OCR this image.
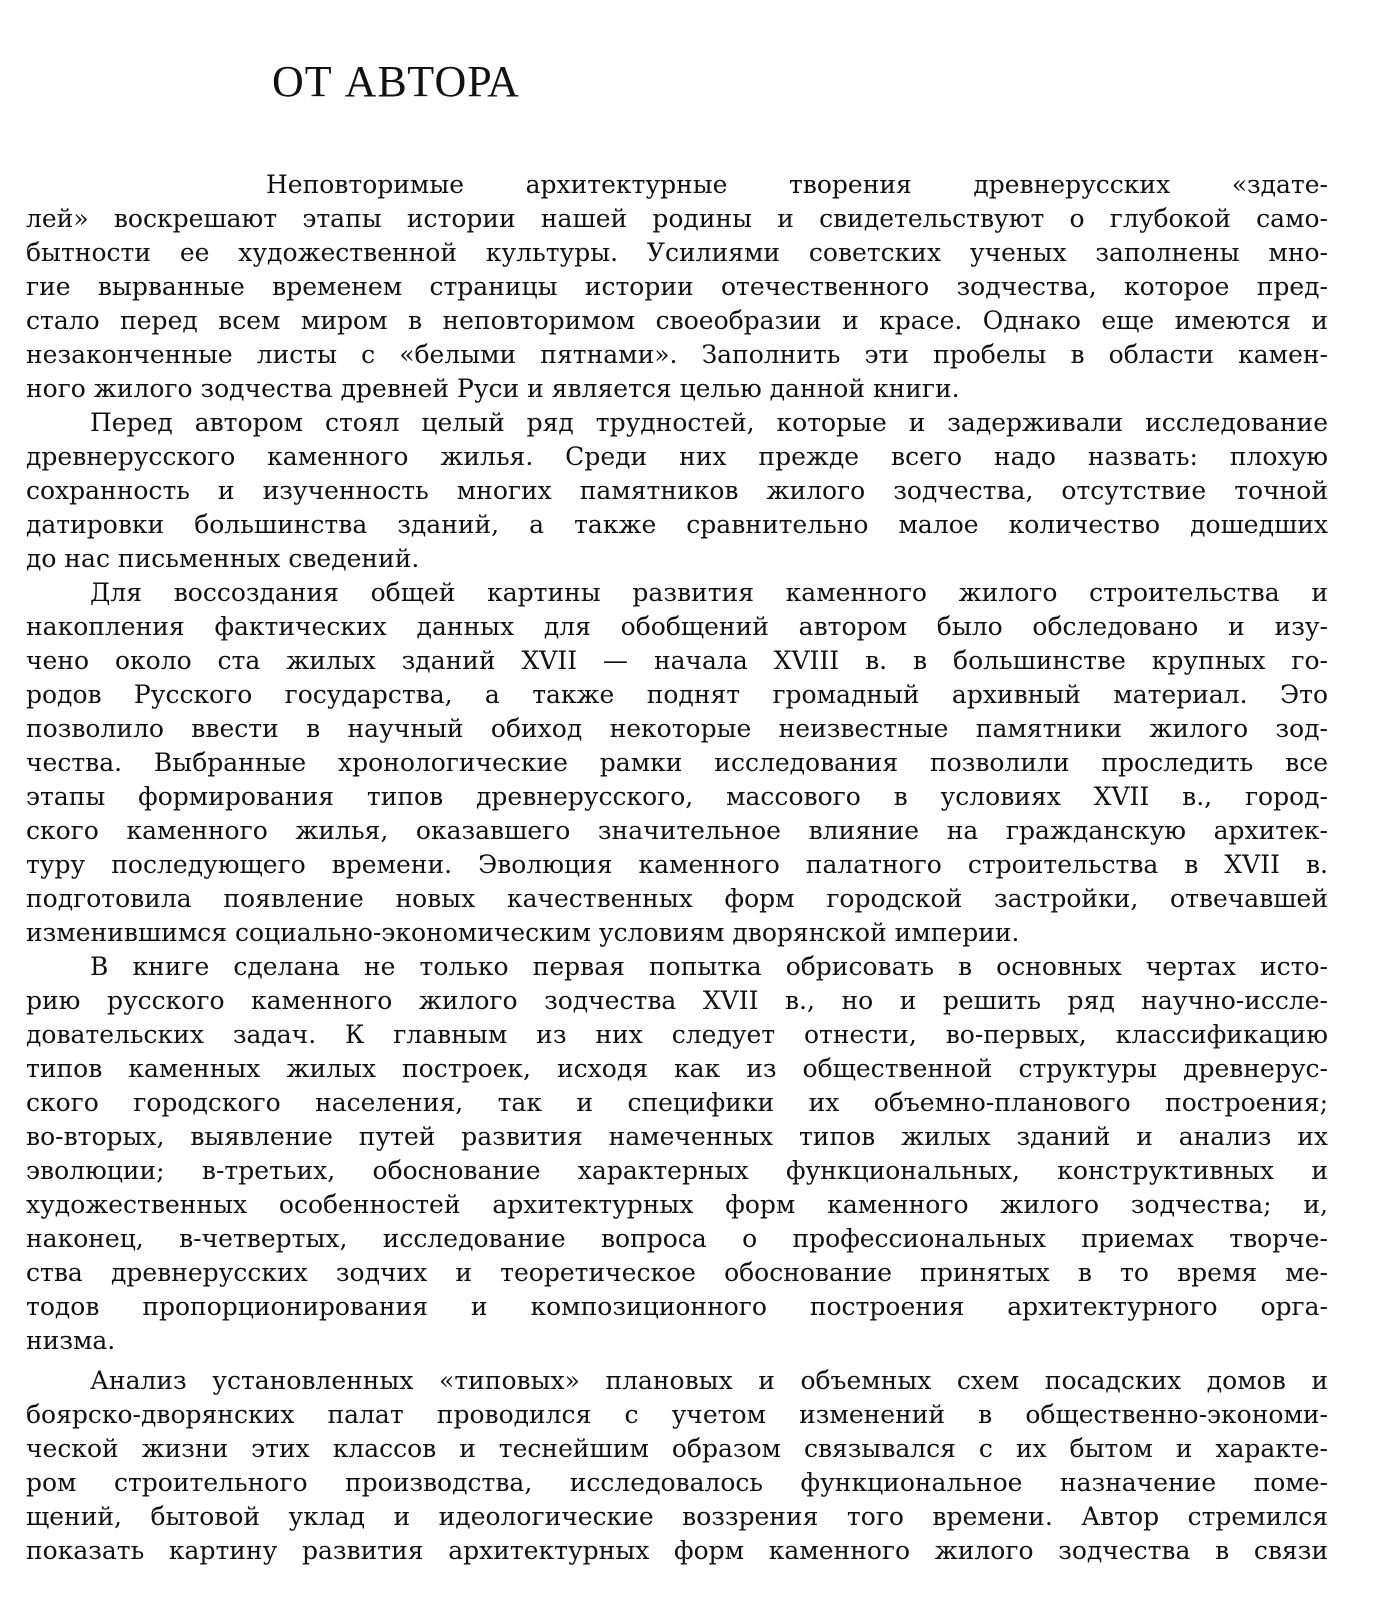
ОТ АВТОРА
Неповторимые архитектурные творения древнерусских «здате-
лей» воскрешают этапы истории нашей родины и свидетельствуют о глубокой само-
бытности ее художественной культуры. Усилиями советских ученых заполнены мно-
гие вырванные временем страницы истории отечественного зодчества, которое пред-
стало перед всем миром в неповторимом своеобразии и красе. Однако еще имеются и
незаконченные листы с «белыми пятнами». Заполнить эти пробелы в области камен-
ного жилого зодчества древней Руси и является целью данной книги.
Перед автором стоял целый ряд трудностей, которые и задерживали исследование
древнерусского каменного жилья. Среди них прежде всего надо назвать: плохую
сохранность и изученность многих памятников жилого зодчества, отсутствие точной
датировки большинства зданий, а также сравнительно малое количество дошедших
до нас письменных сведений.
Для воссоздания общей картины развития каменного жилого строительства и
накопления фактических данных для обобщений автором было обследовано и изу-
чено около ста жилых зданий XVII — начала XVIII в. в большинстве крупных го-
родов Русского государства, а также поднят громадный архивный материал. Это
позволило ввести в научный обиход некоторые неизвестные памятники жилого зод-
чества. Выбранные хронологические рамки исследования позволили проследить все
этапы формирования типов древнерусского, массового в условиях XVII в., город-
ского каменного жилья, оказавшего значительное влияние на гражданскую архитек-
туру последующего времени. Эволюция каменного палатного строительства в XVII в.
подготовила появление новых качественных форм городской застройки, отвечавшей
изменившимся социально-экономическим условиям дворянской империи.
В книге сделана не только первая попытка обрисовать в основных чертах исто-
рию русского каменного жилого зодчества XVII в., но и решить ряд научно-иссле-
довательских задач. К главным из них следует отнести, во-первых, классификацию
типов каменных жилых построек, исходя как из общественной структуры древнерус-
ского городского населения, так и специфики их объемно-планового построения;
во-вторых, выявление путей развития намеченных типов жилых зданий и анализ их
эволюции; в-третьих, обоснование характерных функциональных, конструктивных и
художественных особенностей архитектурных форм каменного жилого зодчества; и,
наконец, в-четвертых, исследование вопроса о профессиональных приемах творче-
ства древнерусских зодчих и теоретическое обоснование принятых в то время ме-
тодов пропорционирования и композиционного построения архитектурного орга-
низма.
Анализ установленных «типовых» плановых и объемных схем посадских домов и
боярско-дворянских палат проводился с учетом изменений в общественно-экономи-
ческой жизни этих классов и теснейшим образом связывался с их бытом и характе-
ром строительного производства, исследовалось функциональное назначение поме-
щений, бытовой уклад и идеологические воззрения того времени. Автор стремился
показать картину развития архитектурных форм каменного жилого зодчества в связи
